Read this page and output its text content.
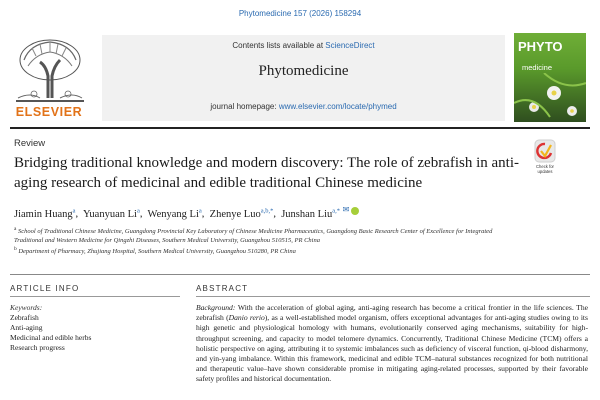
Phytomedicine 157 (2026) 158294
ELSEVIER
Contents lists available at ScienceDirect
Phytomedicine
journal homepage: www.elsevier.com/locate/phymed
PHYTO
medicine
Review
Bridging traditional knowledge and modern discovery: The role of zebrafish in anti-aging research of medicinal and edible traditional Chinese medicine
Check for
updates
Jiamin Huang$^a$,  Yuanyuan Li$^a$,  Wenyang Li$^a$,  Zhenye Luo$^{a,b,*}$,  Junshan Liu$^{a,*}$ ✉
$^a$ School of Traditional Chinese Medicine, Guangdong Provincial Key Laboratory of Chinese Medicine Pharmaceutics, Guangdong Basic Research Center of Excellence for Integrated Traditional and Western Medicine for Qingzhi Diseases, Southern Medical University, Guangzhou 510515, PR China
$^b$ Department of Pharmacy, Zhujiang Hospital, Southern Medical University, Guangzhou 510280, PR China
ARTICLE INFO
Keywords:
Zebrafish
Anti-aging
Medicinal and edible herbs
Research progress
ABSTRACT
Background: With the acceleration of global aging, anti-aging research has become a critical frontier in the life sciences. The zebrafish (Danio rerio), as a well-established model organism, offers exceptional advantages for anti-aging studies owing to its high genetic and physiological homology with humans, evolutionarily conserved aging mechanisms, suitability for high-throughput screening, and capacity to model telomere dynamics. Concurrently, Traditional Chinese Medicine (TCM) offers a holistic perspective on aging, attributing it to systemic imbalances such as deficiency of visceral function, qi-blood disharmony, and yin-yang imbalance. Within this framework, medicinal and edible TCM–natural substances recognized for both nutritional and therapeutic value–have shown considerable promise in mitigating aging-related processes, supported by their favorable safety profiles and historical documentation.
